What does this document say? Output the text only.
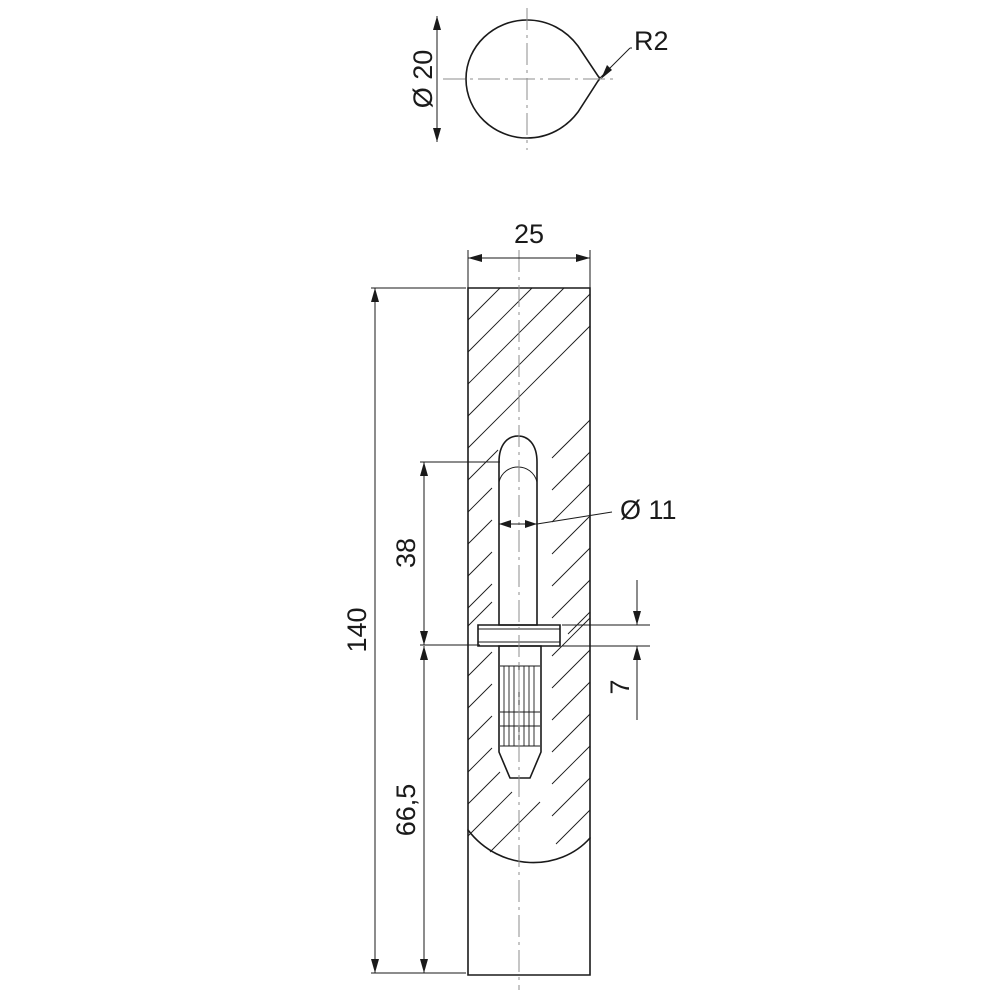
Ø 20
R2
25
140
38
66,5
Ø 11
7
